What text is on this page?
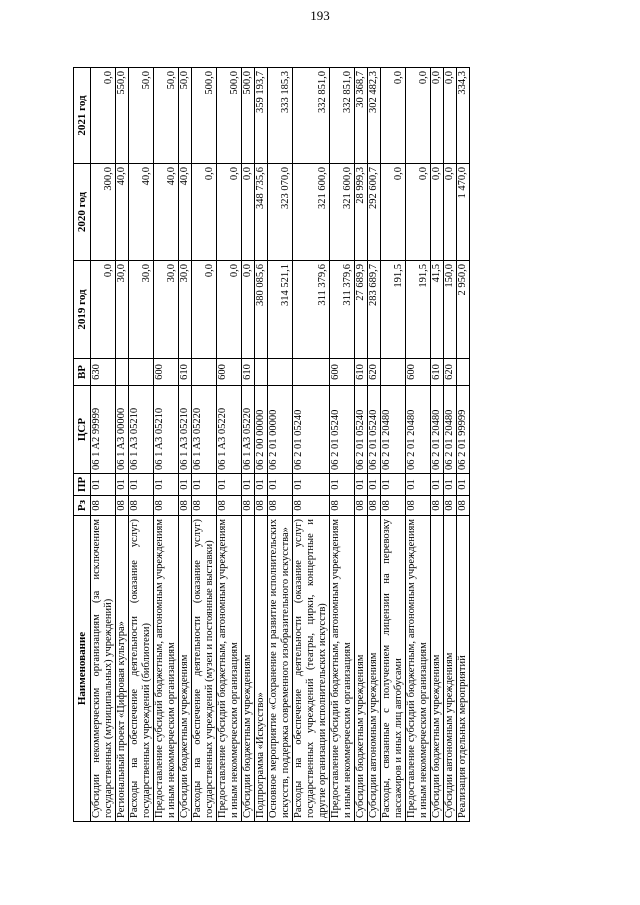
193
Наименование	Рз	ПР	ЦСР	ВР	2019 год	2020 год	2021 год
Субсидии некоммерческим организациям (за исключением государственных (муниципальных) учреждений)	08	01	06 1 A2 99999	630	0,0	300,0	0,0
Региональный проект «Цифровая культура»	08	01	06 1 A3 00000		30,0	40,0	550,0
Расходы на обеспечение деятельности (оказание услуг) государственных учреждений (библиотеки)	08	01	06 1 A3 05210		30,0	40,0	50,0
Предоставление субсидий бюджетным, автономным учреждениям и иным некоммерческим организациям	08	01	06 1 A3 05210	600	30,0	40,0	50,0
Субсидии бюджетным учреждениям	08	01	06 1 A3 05210	610	30,0	40,0	50,0
Расходы на обеспечение деятельности (оказание услуг) государственных учреждений (музеи и постоянные выставки)	08	01	06 1 A3 05220		0,0	0,0	500,0
Предоставление субсидий бюджетным, автономным учреждениям и иным некоммерческим организациям	08	01	06 1 A3 05220	600	0,0	0,0	500,0
Субсидии бюджетным учреждениям	08	01	06 1 A3 05220	610	0,0	0,0	500,0
Подпрограмма «Искусство»	08	01	06 2 00 00000		380 085,6	348 735,6	359 193,7
Основное мероприятие «Сохранение и развитие исполнительских искусств, поддержка современного изобразительного искусства»	08	01	06 2 01 00000		314 521,1	323 070,0	333 185,3
Расходы на обеспечение деятельности (оказание услуг) государственных учреждений (театры, цирки, концертные и другие организации исполнительских искусств)	08	01	06 2 01 05240		311 379,6	321 600,0	332 851,0
Предоставление субсидий бюджетным, автономным учреждениям и иным некоммерческим организациям	08	01	06 2 01 05240	600	311 379,6	321 600,0	332 851,0
Субсидии бюджетным учреждениям	08	01	06 2 01 05240	610	27 689,9	28 999,3	30 368,7
Субсидии автономным учреждениям	08	01	06 2 01 05240	620	283 689,7	292 600,7	302 482,3
Расходы, связанные с получением лицензии на перевозку пассажиров и иных лиц автобусами	08	01	06 2 01 20480		191,5	0,0	0,0
Предоставление субсидий бюджетным, автономным учреждениям и иным некоммерческим организациям	08	01	06 2 01 20480	600	191,5	0,0	0,0
Субсидии бюджетным учреждениям	08	01	06 2 01 20480	610	41,5	0,0	0,0
Субсидии автономным учреждениям	08	01	06 2 01 20480	620	150,0	0,0	0,0
Реализация отдельных мероприятий	08	01	06 2 01 99999		2 950,0	1 470,0	334,3
